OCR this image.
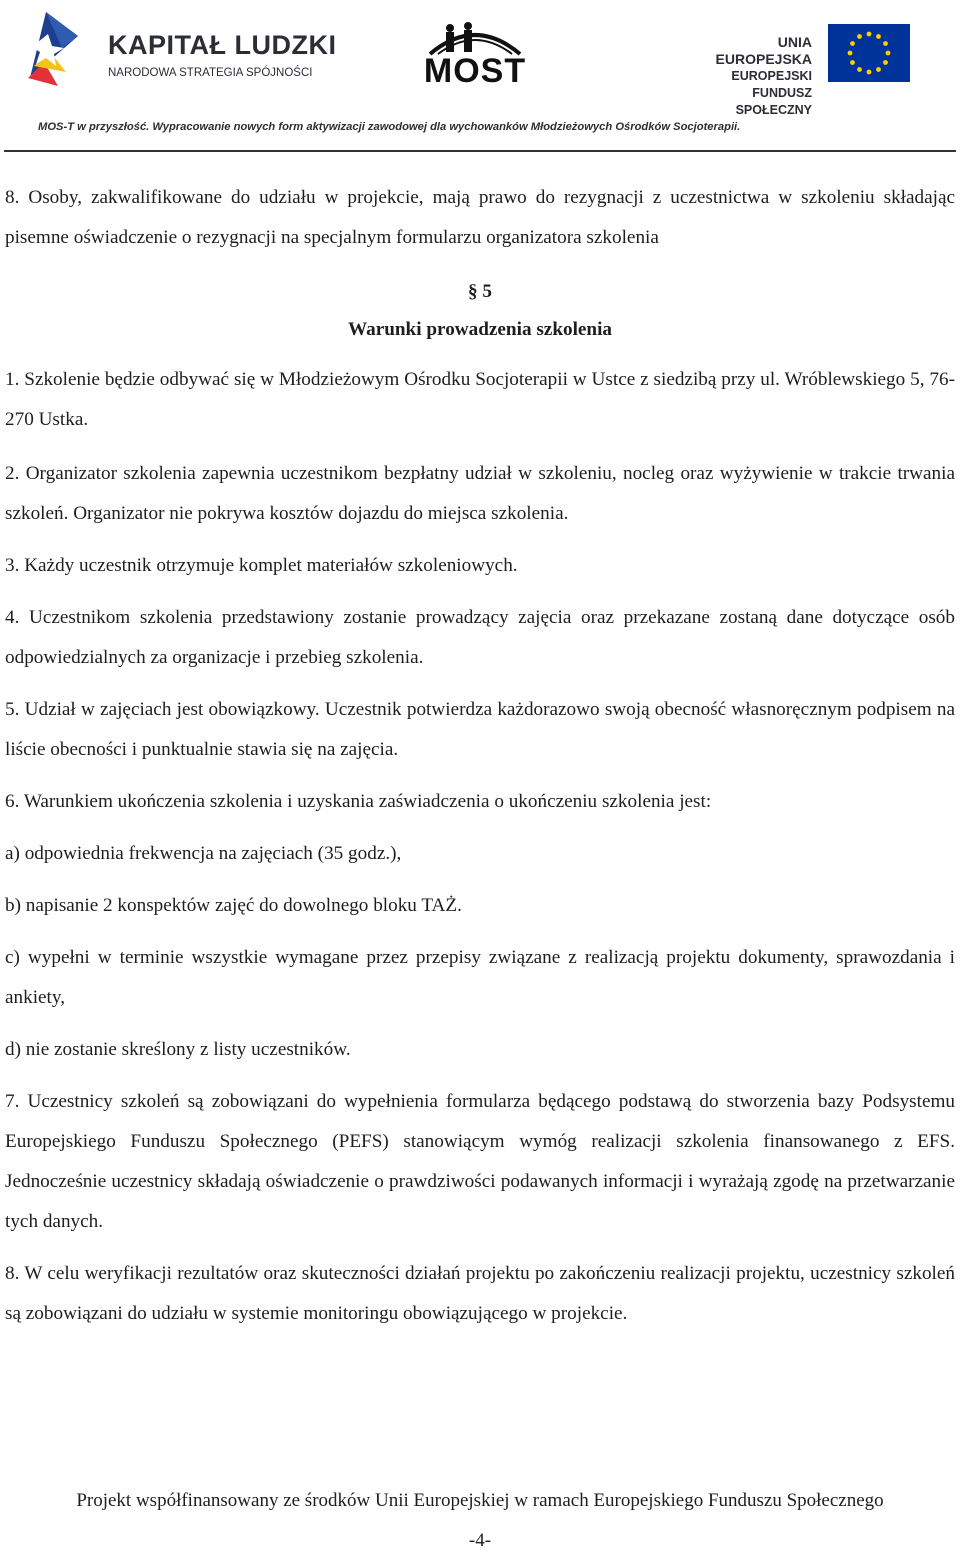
KAPITAŁ LUDZKI
NARODOWA STRATEGIA SPÓJNOŚCI	MOST
UNIA EUROPEJSKA
EUROPEJSKI
FUNDUSZ SPOŁECZNY
MOS-T w przyszłość. Wypracowanie nowych form aktywizacji zawodowej dla wychowanków Młodzieżowych Ośrodków Socjoterapii.

8. Osoby, zakwalifikowane do udziału w projekcie, mają prawo do rezygnacji z uczestnictwa w szkoleniu składając pisemne oświadczenie o rezygnacji na specjalnym formularzu organizatora szkolenia

§ 5
Warunki prowadzenia szkolenia

1. Szkolenie będzie odbywać się w Młodzieżowym Ośrodku Socjoterapii w Ustce z siedzibą przy ul. Wróblewskiego 5, 76-270 Ustka.

2. Organizator szkolenia zapewnia uczestnikom bezpłatny udział w szkoleniu, nocleg oraz wyżywienie w trakcie trwania szkoleń. Organizator nie pokrywa kosztów dojazdu do miejsca szkolenia.

3. Każdy uczestnik otrzymuje komplet materiałów szkoleniowych.

4. Uczestnikom szkolenia przedstawiony zostanie prowadzący zajęcia oraz przekazane zostaną dane dotyczące osób odpowiedzialnych za organizacje i przebieg szkolenia.

5. Udział w zajęciach jest obowiązkowy. Uczestnik potwierdza każdorazowo swoją obecność własnoręcznym podpisem na liście obecności i punktualnie stawia się na zajęcia.

6. Warunkiem ukończenia szkolenia i uzyskania zaświadczenia o ukończeniu szkolenia jest:

a) odpowiednia frekwencja na zajęciach (35 godz.),

b) napisanie 2 konspektów zajęć do dowolnego bloku TAŻ.

c) wypełni w terminie wszystkie wymagane przez przepisy związane z realizacją projektu dokumenty, sprawozdania i ankiety,

d) nie zostanie skreślony z listy uczestników.

7. Uczestnicy szkoleń są zobowiązani do wypełnienia formularza będącego podstawą do stworzenia bazy Podsystemu Europejskiego Funduszu Społecznego (PEFS) stanowiącym wymóg realizacji szkolenia finansowanego z EFS. Jednocześnie uczestnicy składają oświadczenie o prawdziwości podawanych informacji i wyrażają zgodę na przetwarzanie tych danych.

8. W celu weryfikacji rezultatów oraz skuteczności działań projektu po zakończeniu realizacji projektu, uczestnicy szkoleń są zobowiązani do udziału w systemie monitoringu obowiązującego w projekcie.

Projekt współfinansowany ze środków Unii Europejskiej w ramach Europejskiego Funduszu Społecznego
-4-
